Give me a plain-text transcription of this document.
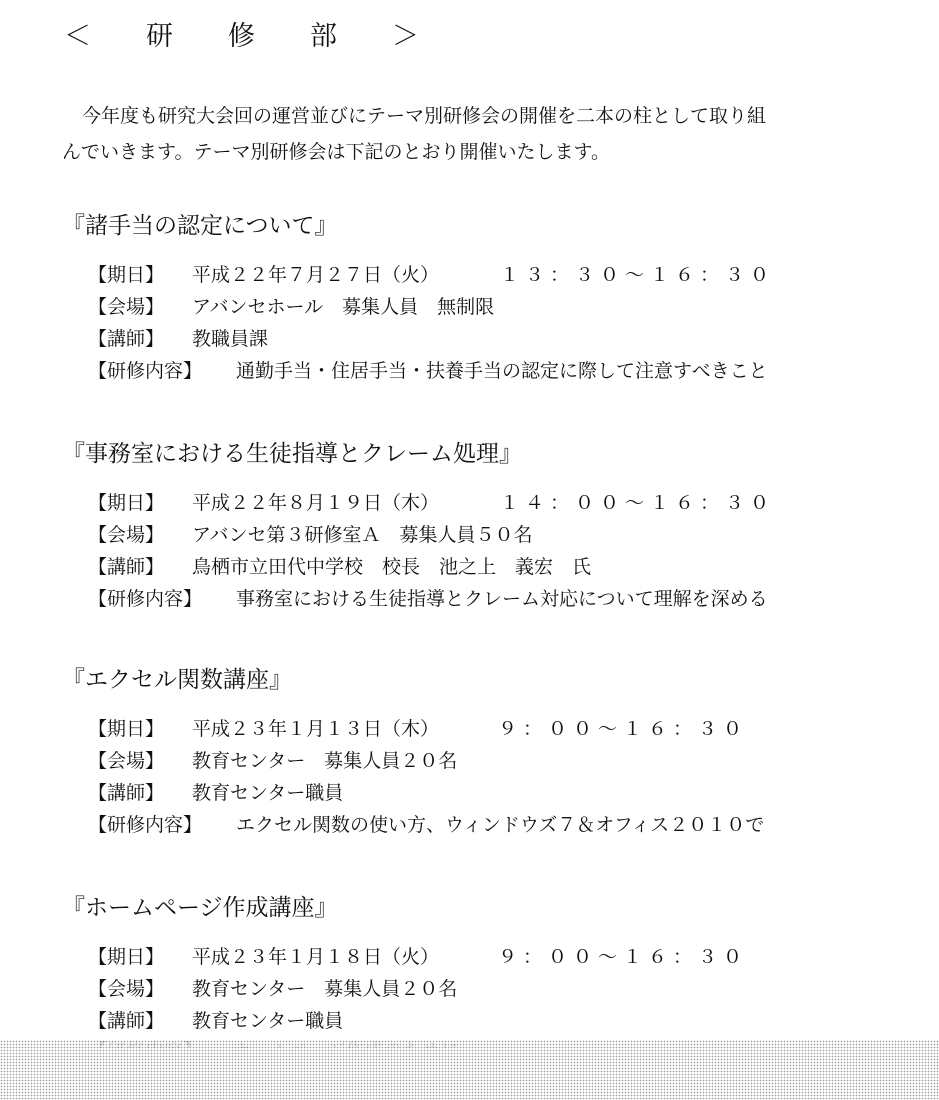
＜　研　修　部　＞

今年度も研究大会回の運営並びにテーマ別研修会の開催を二本の柱として取り組

んでいきます。テーマ別研修会は下記のとおり開催いたします。

『諸手当の認定について』
【期日】 平成２２年７月２７日（火）	１３：３０～１６：３０
【会場】 アバンセホール　募集人員　無制限
【講師】 教職員課
【研修内容】 通勤手当・住居手当・扶養手当の認定に際して注意すべきこと
『事務室における生徒指導とクレーム処理』
【期日】 平成２２年８月１９日（木）	１４：００～１６：３０
【会場】 アバンセ第３研修室Ａ　募集人員５０名
【講師】 鳥栖市立田代中学校　校長　池之上　義宏　氏
【研修内容】 事務室における生徒指導とクレーム対応について理解を深める
『エクセル関数講座』
【期日】 平成２３年１月１３日（木）	９：００～１６：３０
【会場】 教育センター　募集人員２０名
【講師】 教育センター職員
【研修内容】 エクセル関数の使い方、ウィンドウズ７＆オフィス２０１０で
『ホームページ作成講座』
【期日】 平成２３年１月１８日（火）	９：００～１６：３０
【会場】 教育センター　募集人員２０名
【講師】 教育センター職員
